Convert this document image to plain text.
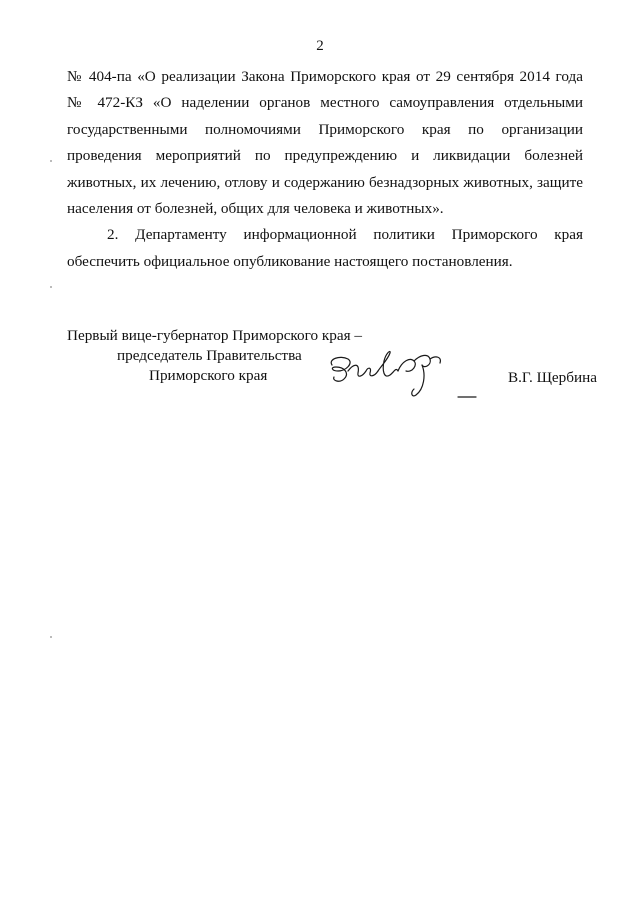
2

№ 404-па «О реализации Закона Приморского края от 29 сентября 2014 года
№ 472-КЗ «О наделении органов местного самоуправления отдельными
государственными полномочиями Приморского края по организации
проведения мероприятий по предупреждению и ликвидации болезней
животных, их лечению, отлову и содержанию безнадзорных животных, защите
населения от болезней, общих для человека и животных».

2. Департаменту информационной политики Приморского края
обеспечить официальное опубликование настоящего постановления.

Первый вице-губернатор Приморского края –
председатель Правительства
Приморского края	В.Г. Щербина
